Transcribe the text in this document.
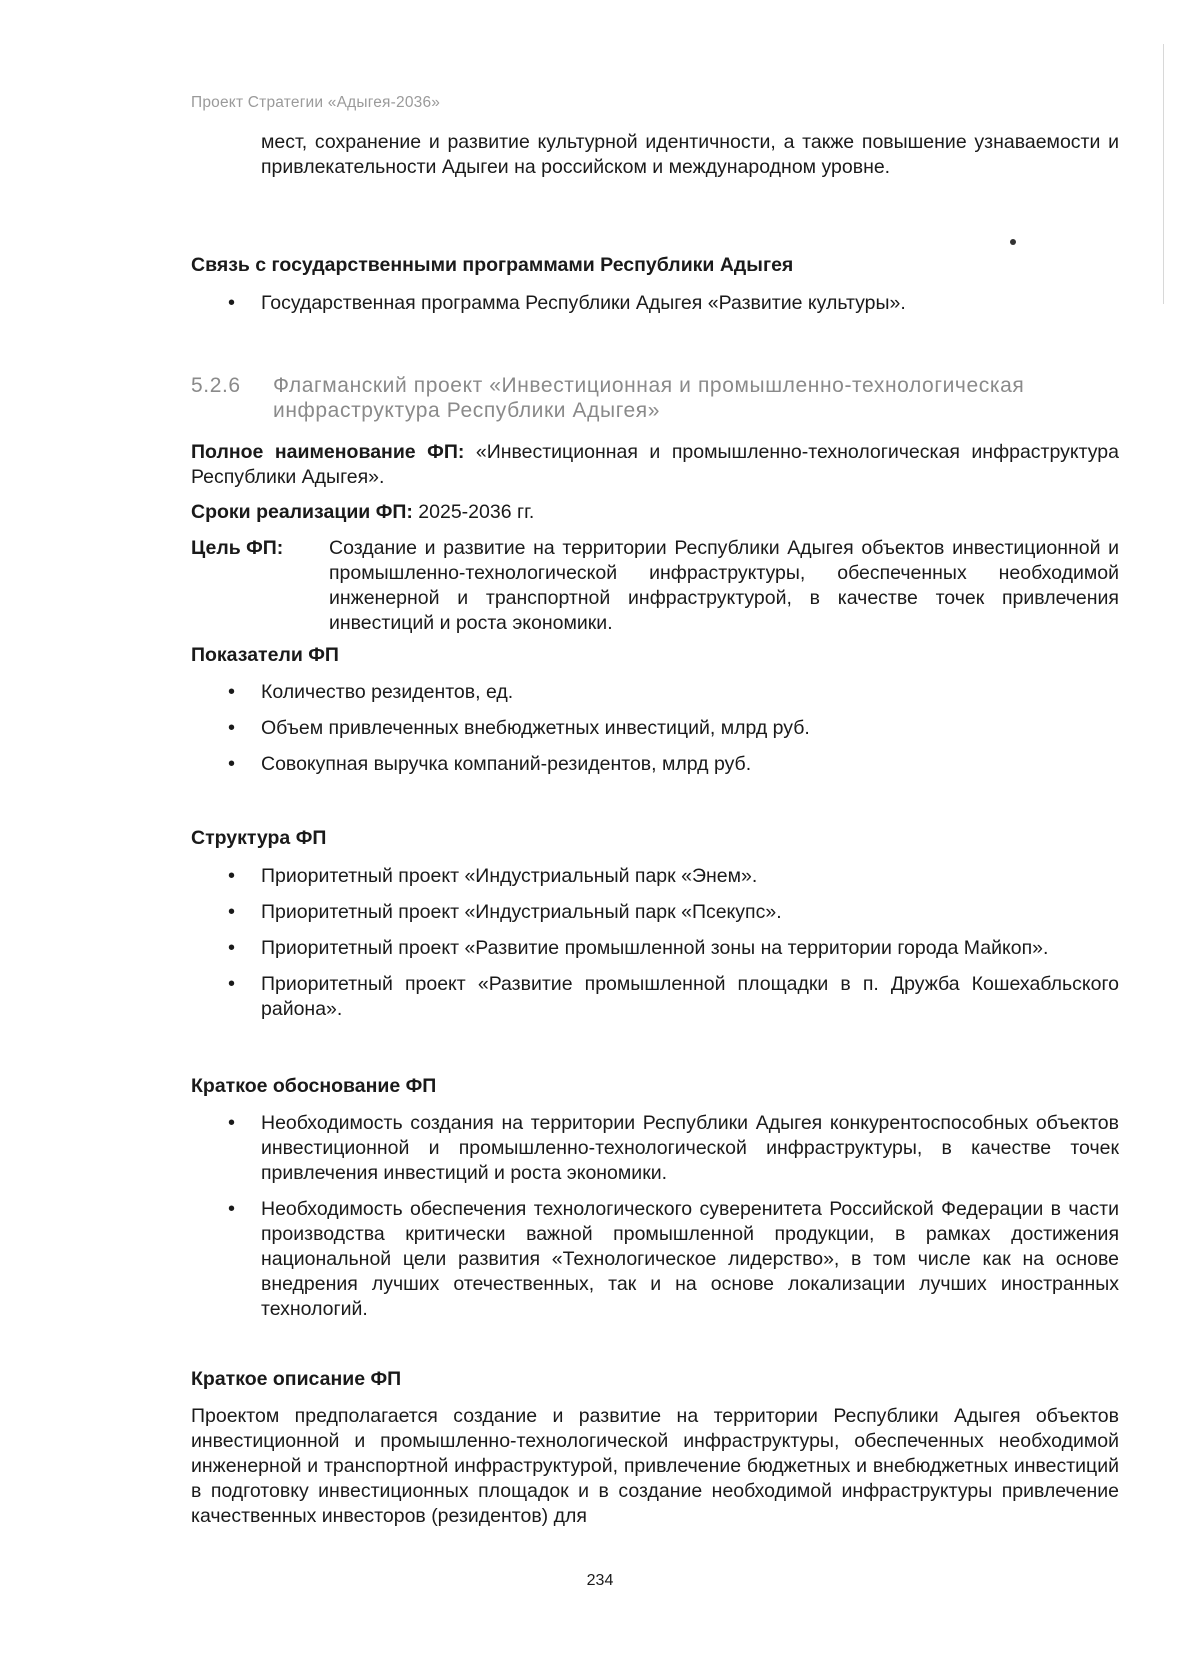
Проект Стратегии «Адыгея-2036»
мест, сохранение и развитие культурной идентичности, а также повышение узнаваемости и привлекательности Адыгеи на российском и международном уровне.
Связь с государственными программами Республики Адыгея
• Государственная программа Республики Адыгея «Развитие культуры».
5.2.6 Флагманский проект «Инвестиционная и промышленно-технологическая инфраструктура Республики Адыгея»
Полное наименование ФП: «Инвестиционная и промышленно-технологическая инфраструктура Республики Адыгея».
Сроки реализации ФП: 2025-2036 гг.
Цель ФП: Создание и развитие на территории Республики Адыгея объектов инвестиционной и промышленно-технологической инфраструктуры, обеспеченных необходимой инженерной и транспортной инфраструктурой, в качестве точек привлечения инвестиций и роста экономики.
Показатели ФП
• Количество резидентов, ед.
• Объем привлеченных внебюджетных инвестиций, млрд руб.
• Совокупная выручка компаний-резидентов, млрд руб.
Структура ФП
• Приоритетный проект «Индустриальный парк «Энем».
• Приоритетный проект «Индустриальный парк «Псекупс».
• Приоритетный проект «Развитие промышленной зоны на территории города Майкоп».
• Приоритетный проект «Развитие промышленной площадки в п. Дружба Кошехабльского района».
Краткое обоснование ФП
• Необходимость создания на территории Республики Адыгея конкурентоспособных объектов инвестиционной и промышленно-технологической инфраструктуры, в качестве точек привлечения инвестиций и роста экономики.
• Необходимость обеспечения технологического суверенитета Российской Федерации в части производства критически важной промышленной продукции, в рамках достижения национальной цели развития «Технологическое лидерство», в том числе как на основе внедрения лучших отечественных, так и на основе локализации лучших иностранных технологий.
Краткое описание ФП
Проектом предполагается создание и развитие на территории Республики Адыгея объектов инвестиционной и промышленно-технологической инфраструктуры, обеспеченных необходимой инженерной и транспортной инфраструктурой, привлечение бюджетных и внебюджетных инвестиций в подготовку инвестиционных площадок и в создание необходимой инфраструктуры привлечение качественных инвесторов (резидентов) для
234
